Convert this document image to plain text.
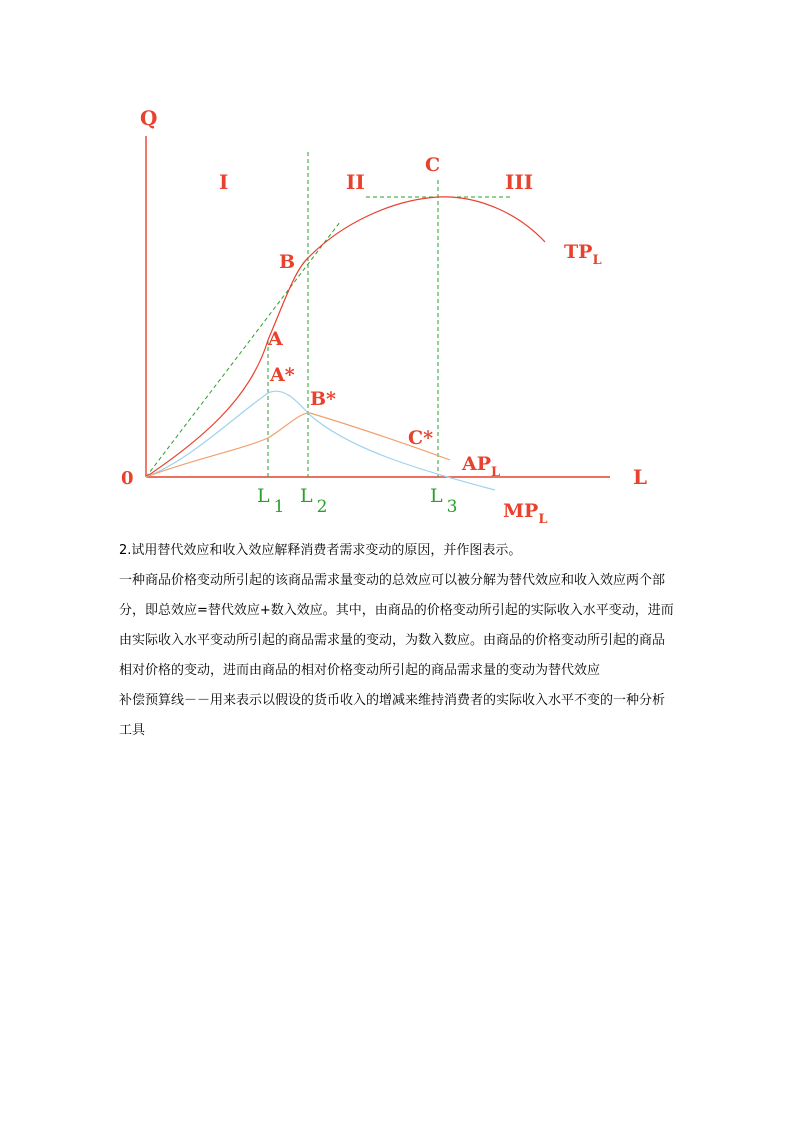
Q
L
0
I	II	III
C
B
A
A*
B*
C*
$TP_L$
$AP_L$
$MP_L$
L 1 L 2	L 3

2.试用替代效应和收入效应解释消费者需求变动的原因，并作图表示。

一种商品价格变动所引起的该商品需求量变动的总效应可以被分解为替代效应和收入效应两个部分，即总效应=替代效应+数入效应。其中，由商品的价格变动所引起的实际收入水平变动，进而由实际收入水平变动所引起的商品需求量的变动，为数入数应。由商品的价格变动所引起的商品相对价格的变动，进而由商品的相对价格变动所引起的商品需求量的变动为替代效应

补偿预算线－－用来表示以假设的货币收入的增减来维持消费者的实际收入水平不变的一种分析工具
